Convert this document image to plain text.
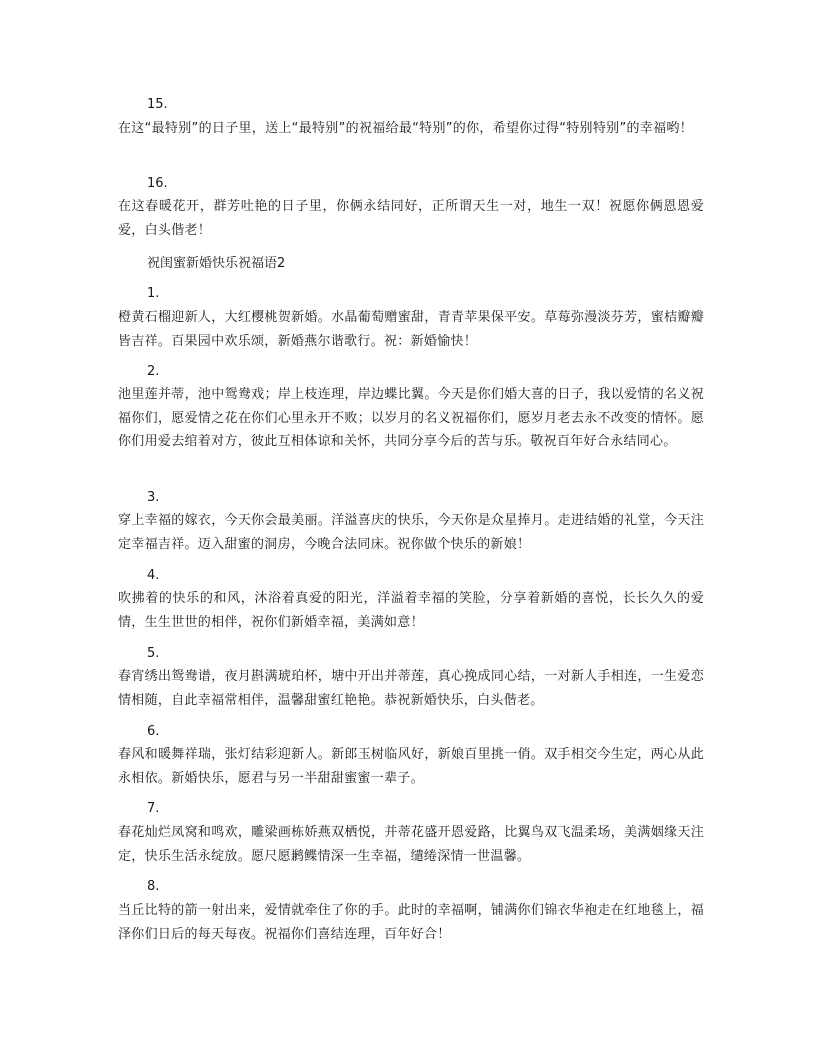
15.
在这“最特别”的日子里，送上“最特别”的祝福给最“特别”的你，希望你过得“特别特别”的幸福哟！
16.
在这春暖花开，群芳吐艳的日子里，你俩永结同好，正所谓天生一对，地生一双！祝愿你俩恩恩爱爱，白头偕老！
祝闺蜜新婚快乐祝福语2
1.
橙黄石榴迎新人，大红樱桃贺新婚。水晶葡萄赠蜜甜，青青苹果保平安。草莓弥漫淡芬芳，蜜桔瓣瓣皆吉祥。百果园中欢乐颂，新婚燕尔谐歌行。祝：新婚愉快！
2.
池里莲并蒂，池中鸳鸯戏；岸上枝连理，岸边蝶比翼。今天是你们婚大喜的日子，我以爱情的名义祝福你们，愿爱情之花在你们心里永开不败；以岁月的名义祝福你们，愿岁月老去永不改变的情怀。愿你们用爱去绾着对方，彼此互相体谅和关怀，共同分享今后的苦与乐。敬祝百年好合永结同心。
3.
穿上幸福的嫁衣，今天你会最美丽。洋溢喜庆的快乐，今天你是众星捧月。走进结婚的礼堂，今天注定幸福吉祥。迈入甜蜜的洞房，今晚合法同床。祝你做个快乐的新娘！
4.
吹拂着的快乐的和风，沐浴着真爱的阳光，洋溢着幸福的笑脸，分享着新婚的喜悦，长长久久的爱情，生生世世的相伴，祝你们新婚幸福，美满如意！
5.
春宵绣出鸳鸯谱，夜月斟满琥珀杯，塘中开出并蒂莲，真心挽成同心结，一对新人手相连，一生爱恋情相随，自此幸福常相伴，温馨甜蜜红艳艳。恭祝新婚快乐，白头偕老。
6.
春风和暖舞祥瑞，张灯结彩迎新人。新郎玉树临风好，新娘百里挑一俏。双手相交今生定，两心从此永相依。新婚快乐，愿君与另一半甜甜蜜蜜一辈子。
7.
春花灿烂凤窝和鸣欢，雕梁画栋娇燕双栖悦，并蒂花盛开恩爱路，比翼鸟双飞温柔场，美满姻缘天注定，快乐生活永绽放。愿尺愿鹣鲽情深一生幸福，缱绻深情一世温馨。
8.
当丘比特的箭一射出来，爱情就牵住了你的手。此时的幸福啊，铺满你们锦衣华袍走在红地毯上，福泽你们日后的每天每夜。祝福你们喜结连理，百年好合！
